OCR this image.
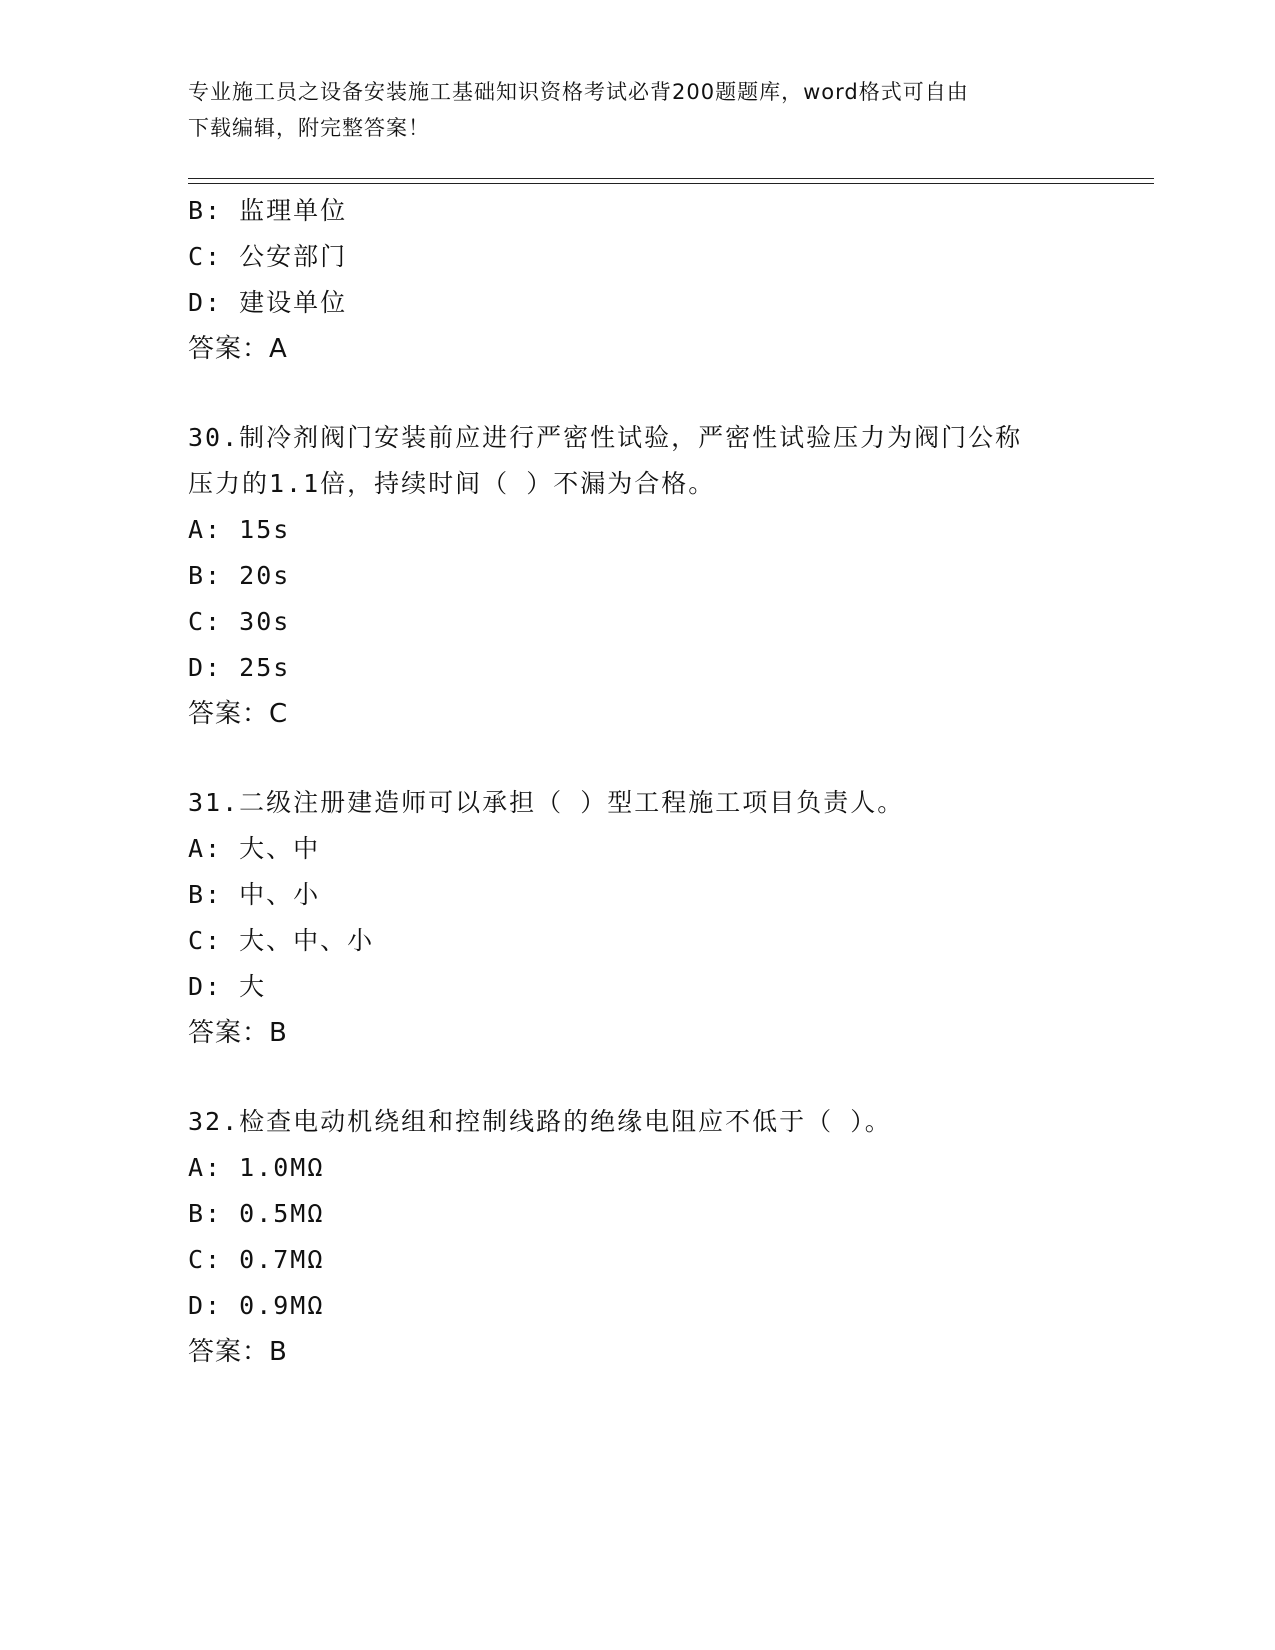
专业施工员之设备安装施工基础知识资格考试必背200题题库，word格式可自由
下载编辑，附完整答案！
B: 监理单位
C: 公安部门
D: 建设单位
答案：A
30.制冷剂阀门安装前应进行严密性试验，严密性试验压力为阀门公称
压力的1.1倍，持续时间（ ）不漏为合格。
A: 15s
B: 20s
C: 30s
D: 25s
答案：C
31.二级注册建造师可以承担（ ）型工程施工项目负责人。
A: 大、中
B: 中、小
C: 大、中、小
D: 大
答案：B
32.检查电动机绕组和控制线路的绝缘电阻应不低于（ ）。
A: 1.0MΩ
B: 0.5MΩ
C: 0.7MΩ
D: 0.9MΩ
答案：B
